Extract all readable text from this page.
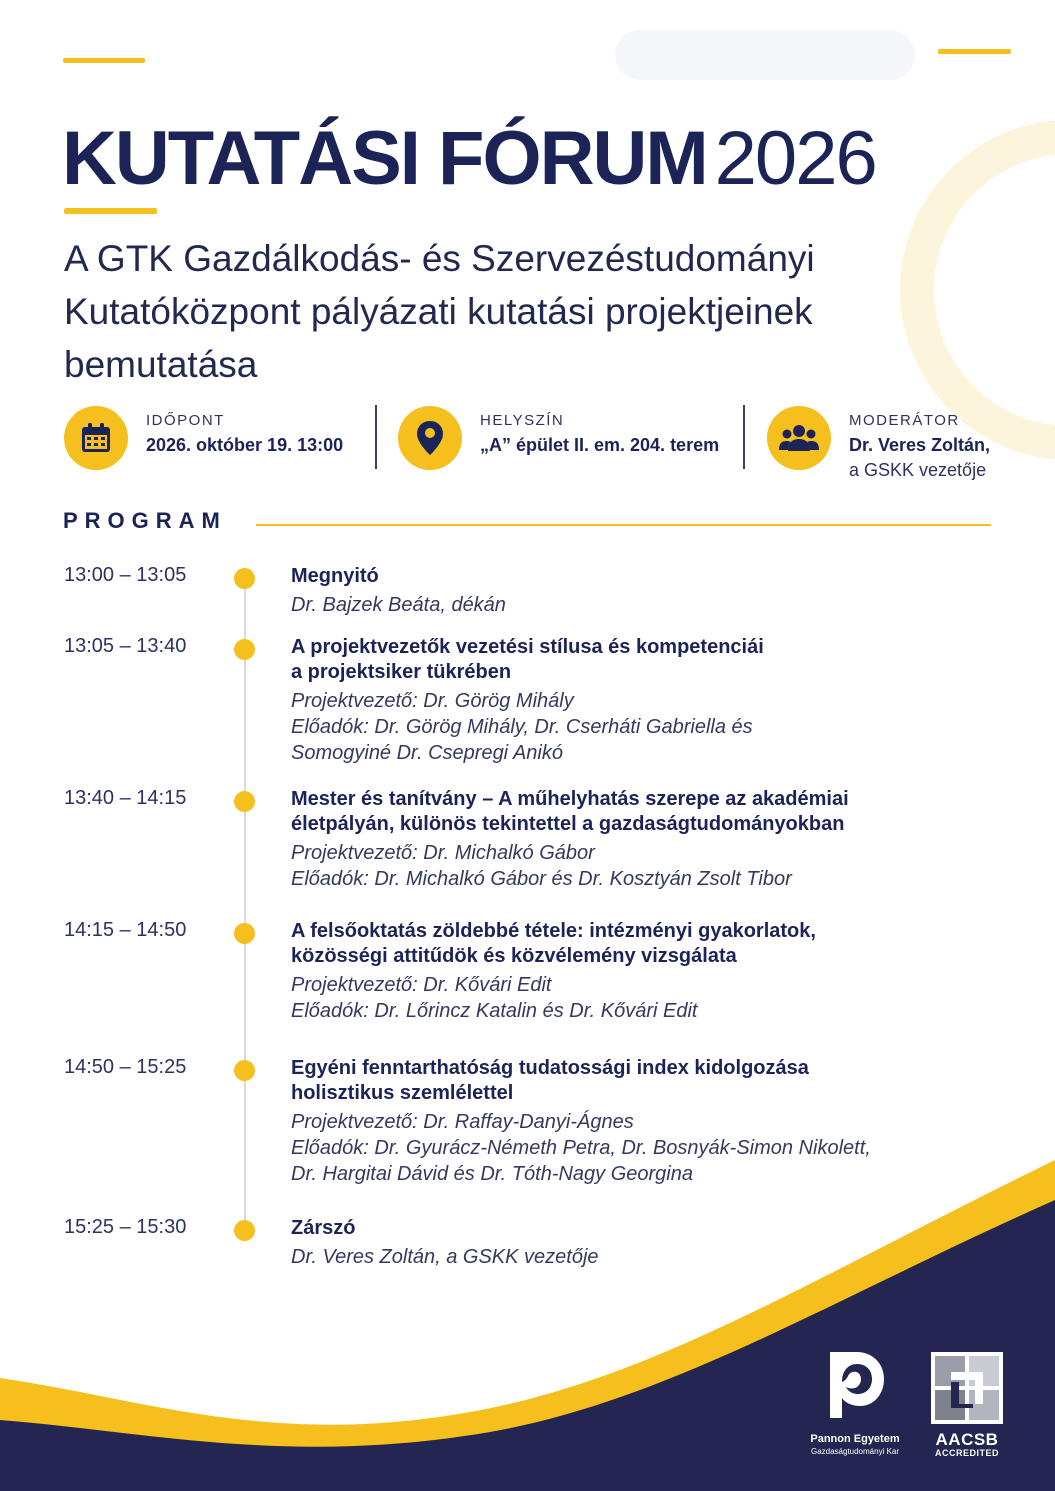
KUTATÁSI FÓRUM 2026
A GTK Gazdálkodás- és Szervezéstudományi Kutatóközpont pályázati kutatási projektjeinek bemutatása
IDŐPONT
2026. október 19. 13:00
HELYSZÍN
„A” épület II. em. 204. terem
MODERÁTOR
Dr. Veres Zoltán,
a GSKK vezetője
PROGRAM
13:00 – 13:05	Megnyitó
Dr. Bajzek Beáta, dékán
13:05 – 13:40	A projektvezetők vezetési stílusa és kompetenciái
a projektsiker tükrében
Projektvezető: Dr. Görög Mihály
Előadók: Dr. Görög Mihály, Dr. Cserháti Gabriella és
Somogyiné Dr. Csepregi Anikó
13:40 – 14:15	Mester és tanítvány – A műhelyhatás szerepe az akadémiai
életpályán, különös tekintettel a gazdaságtudományokban
Projektvezető: Dr. Michalkó Gábor
Előadók: Dr. Michalkó Gábor és Dr. Kosztyán Zsolt Tibor
14:15 – 14:50	A felsőoktatás zöldebbé tétele: intézményi gyakorlatok,
közösségi attitűdök és közvélemény vizsgálata
Projektvezető: Dr. Kővári Edit
Előadók: Dr. Lőrincz Katalin és Dr. Kővári Edit
14:50 – 15:25	Egyéni fenntarthatóság tudatossági index kidolgozása
holisztikus szemlélettel
Projektvezető: Dr. Raffay-Danyi-Ágnes
Előadók: Dr. Gyurácz-Németh Petra, Dr. Bosnyák-Simon Nikolett,
Dr. Hargitai Dávid és Dr. Tóth-Nagy Georgina
15:25 – 15:30	Zárszó
Dr. Veres Zoltán, a GSKK vezetője
Pannon Egyetem
Gazdaságtudományi Kar
AACSB
ACCREDITED
